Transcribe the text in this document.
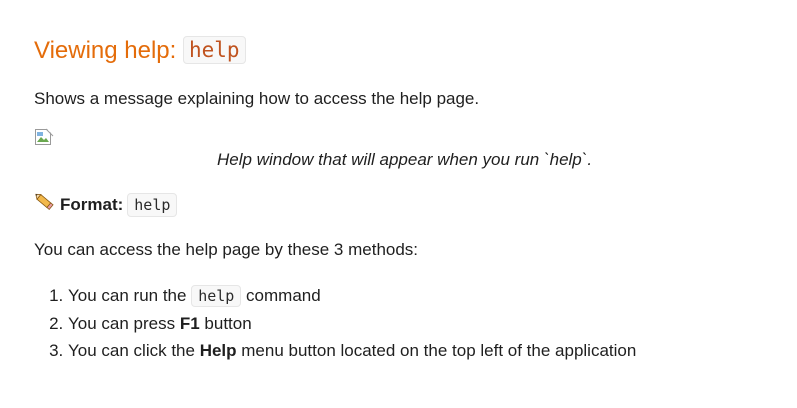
Viewing help: help

Shows a message explaining how to access the help page.

Help window that will appear when you run `help`.
Format: help

You can access the help page by these 3 methods:

1. You can run the help command
2. You can press F1 button
3. You can click the Help menu button located on the top left of the application
